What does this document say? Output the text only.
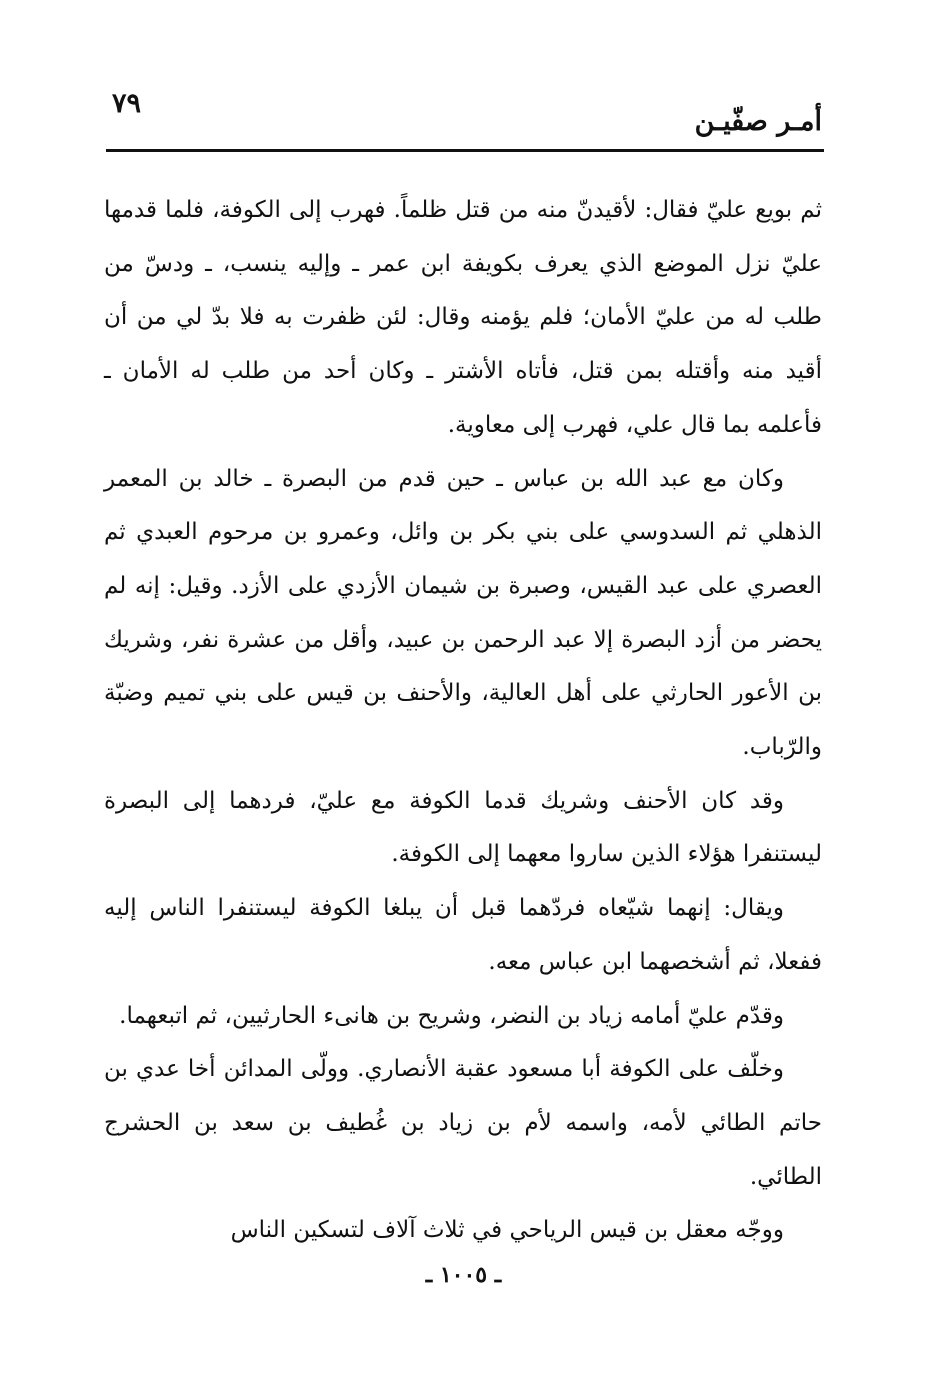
٧٩
أمـر صفّيـن

ثم بويع عليّ فقال: لأقيدنّ منه من قتل ظلماً. فهرب إلى الكوفة، فلما قدمها عليّ نزل الموضع الذي يعرف بكويفة ابن عمر ـ وإليه ينسب، ـ ودسّ من طلب له من عليّ الأمان؛ فلم يؤمنه وقال: لئن ظفرت به فلا بدّ لي من أن أقيد منه وأقتله بمن قتل، فأتاه الأشتر ـ وكان أحد من طلب له الأمان ـ فأعلمه بما قال علي، فهرب إلى معاوية.

وكان مع عبد الله بن عباس ـ حين قدم من البصرة ـ خالد بن المعمر الذهلي ثم السدوسي على بني بكر بن وائل، وعمرو بن مرحوم العبدي ثم العصري على عبد القيس، وصبرة بن شيمان الأزدي على الأزد. وقيل: إنه لم يحضر من أزد البصرة إلا عبد الرحمن بن عبيد، وأقل من عشرة نفر، وشريك بن الأعور الحارثي على أهل العالية، والأحنف بن قيس على بني تميم وضبّة والرّباب.

وقد كان الأحنف وشريك قدما الكوفة مع عليّ، فردهما إلى البصرة ليستنفرا هؤلاء الذين ساروا معهما إلى الكوفة.

ويقال: إنهما شيّعاه فردّهما قبل أن يبلغا الكوفة ليستنفرا الناس إليه ففعلا، ثم أشخصهما ابن عباس معه.

وقدّم عليّ أمامه زياد بن النضر، وشريح بن هانىء الحارثيين، ثم اتبعهما.

وخلّف على الكوفة أبا مسعود عقبة الأنصاري. وولّى المدائن أخا عدي بن حاتم الطائي لأمه، واسمه لأم بن زياد بن غُطيف بن سعد بن الحشرج الطائي.

ووجّه معقل بن قيس الرياحي في ثلاث آلاف لتسكين الناس

ـ ١٠٠٥ ـ
